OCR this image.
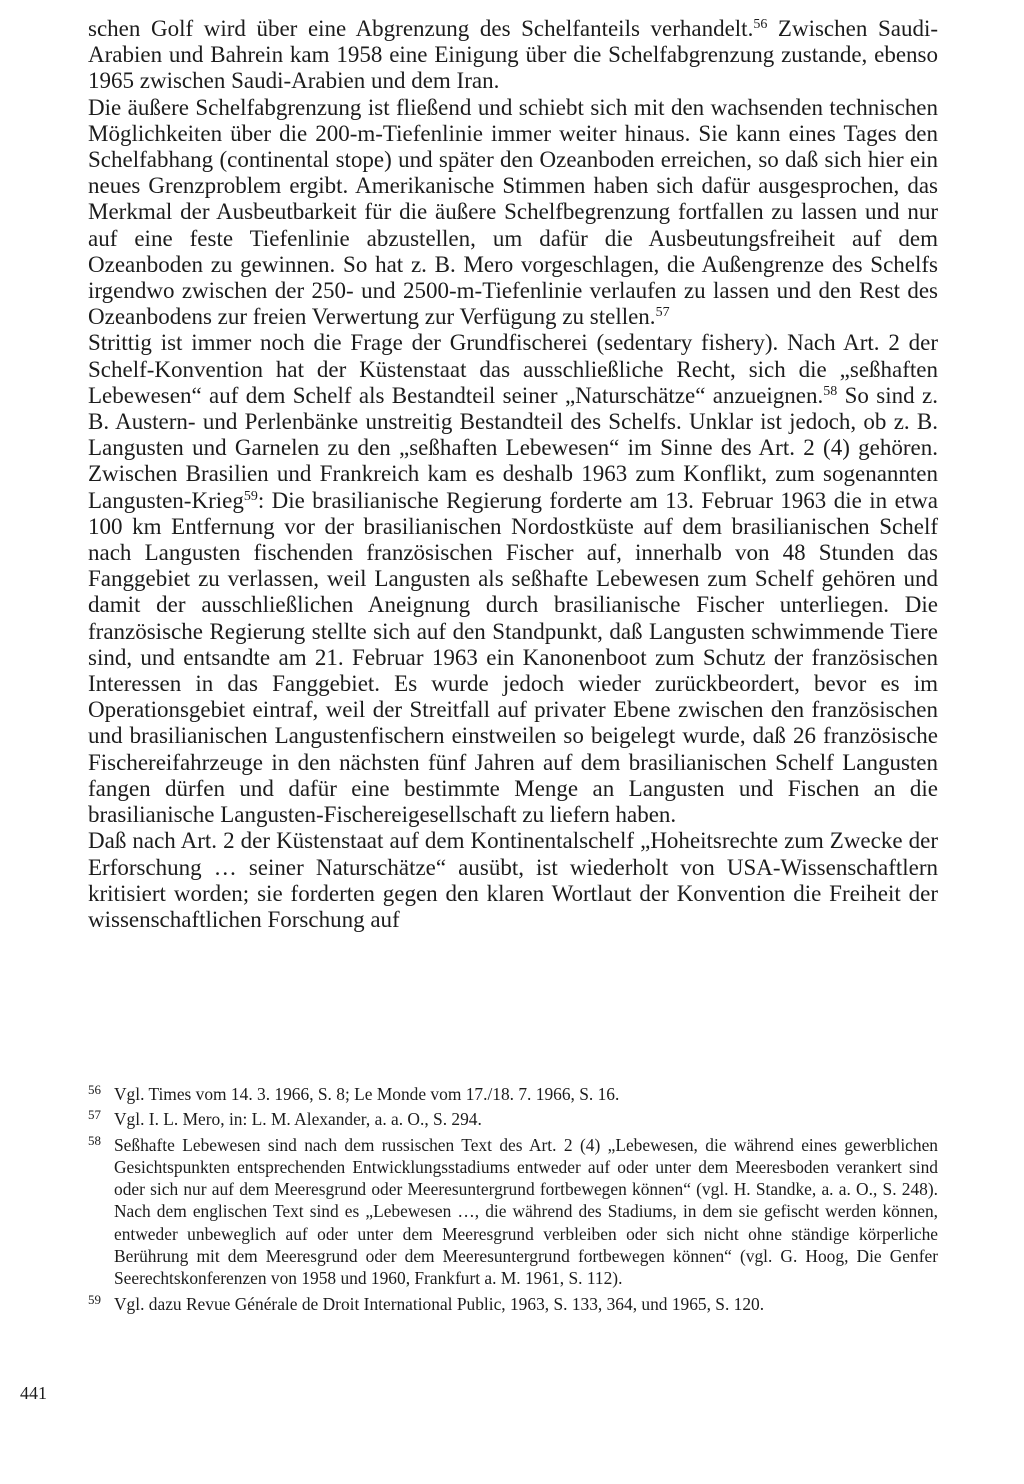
schen Golf wird über eine Abgrenzung des Schelfanteils verhandelt.$^{56}$ Zwischen Saudi-Arabien und Bahrein kam 1958 eine Einigung über die Schelfabgrenzung zustande, ebenso 1965 zwischen Saudi-Arabien und dem Iran.

Die äußere Schelfabgrenzung ist fließend und schiebt sich mit den wachsenden technischen Möglichkeiten über die 200-m-Tiefenlinie immer weiter hinaus. Sie kann eines Tages den Schelfabhang (continental stope) und später den Ozeanboden erreichen, so daß sich hier ein neues Grenzproblem ergibt. Amerikanische Stimmen haben sich dafür ausgesprochen, das Merkmal der Ausbeutbarkeit für die äußere Schelfbegrenzung fortfallen zu lassen und nur auf eine feste Tiefenlinie abzustellen, um dafür die Ausbeutungsfreiheit auf dem Ozeanboden zu gewinnen. So hat z. B. Mero vorgeschlagen, die Außengrenze des Schelfs irgendwo zwischen der 250- und 2500-m-Tiefenlinie verlaufen zu lassen und den Rest des Ozeanbodens zur freien Verwertung zur Verfügung zu stellen.$^{57}$

Strittig ist immer noch die Frage der Grundfischerei (sedentary fishery). Nach Art. 2 der Schelf-Konvention hat der Küstenstaat das ausschließliche Recht, sich die „seßhaften Lebewesen“ auf dem Schelf als Bestandteil seiner „Naturschätze“ anzueignen.$^{58}$ So sind z. B. Austern- und Perlenbänke unstreitig Bestandteil des Schelfs. Unklar ist jedoch, ob z. B. Langusten und Garnelen zu den „seßhaften Lebewesen“ im Sinne des Art. 2 (4) gehören. Zwischen Brasilien und Frankreich kam es deshalb 1963 zum Konflikt, zum sogenannten Langusten-Krieg$^{59}$: Die brasilianische Regierung forderte am 13. Februar 1963 die in etwa 100 km Entfernung vor der brasilianischen Nordostküste auf dem brasilianischen Schelf nach Langusten fischenden französischen Fischer auf, innerhalb von 48 Stunden das Fanggebiet zu verlassen, weil Langusten als seßhafte Lebewesen zum Schelf gehören und damit der ausschließlichen Aneignung durch brasilianische Fischer unterliegen. Die französische Regierung stellte sich auf den Standpunkt, daß Langusten schwimmende Tiere sind, und entsandte am 21. Februar 1963 ein Kanonenboot zum Schutz der französischen Interessen in das Fanggebiet. Es wurde jedoch wieder zurückbeordert, bevor es im Operationsgebiet eintraf, weil der Streitfall auf privater Ebene zwischen den französischen und brasilianischen Langustenfischern einstweilen so beigelegt wurde, daß 26 französische Fischereifahrzeuge in den nächsten fünf Jahren auf dem brasilianischen Schelf Langusten fangen dürfen und dafür eine bestimmte Menge an Langusten und Fischen an die brasilianische Langusten-Fischereigesellschaft zu liefern haben.

Daß nach Art. 2 der Küstenstaat auf dem Kontinentalschelf „Hoheitsrechte zum Zwecke der Erforschung … seiner Naturschätze“ ausübt, ist wiederholt von USA-Wissenschaftlern kritisiert worden; sie forderten gegen den klaren Wortlaut der Konvention die Freiheit der wissenschaftlichen Forschung auf

56 Vgl. Times vom 14. 3. 1966, S. 8; Le Monde vom 17./18. 7. 1966, S. 16.
57 Vgl. I. L. Mero, in: L. M. Alexander, a. a. O., S. 294.
58 Seßhafte Lebewesen sind nach dem russischen Text des Art. 2 (4) „Lebewesen, die während eines gewerblichen Gesichtspunkten entsprechenden Entwicklungsstadiums entweder auf oder unter dem Meeresboden verankert sind oder sich nur auf dem Meeresgrund oder Meeresuntergrund fortbewegen können“ (vgl. H. Standke, a. a. O., S. 248). Nach dem englischen Text sind es „Lebewesen …, die während des Stadiums, in dem sie gefischt werden können, entweder unbeweglich auf oder unter dem Meeresgrund verbleiben oder sich nicht ohne ständige körperliche Berührung mit dem Meeresgrund oder dem Meeresuntergrund fortbewegen können“ (vgl. G. Hoog, Die Genfer Seerechtskonferenzen von 1958 und 1960, Frankfurt a. M. 1961, S. 112).
59 Vgl. dazu Revue Générale de Droit International Public, 1963, S. 133, 364, und 1965, S. 120.
441
